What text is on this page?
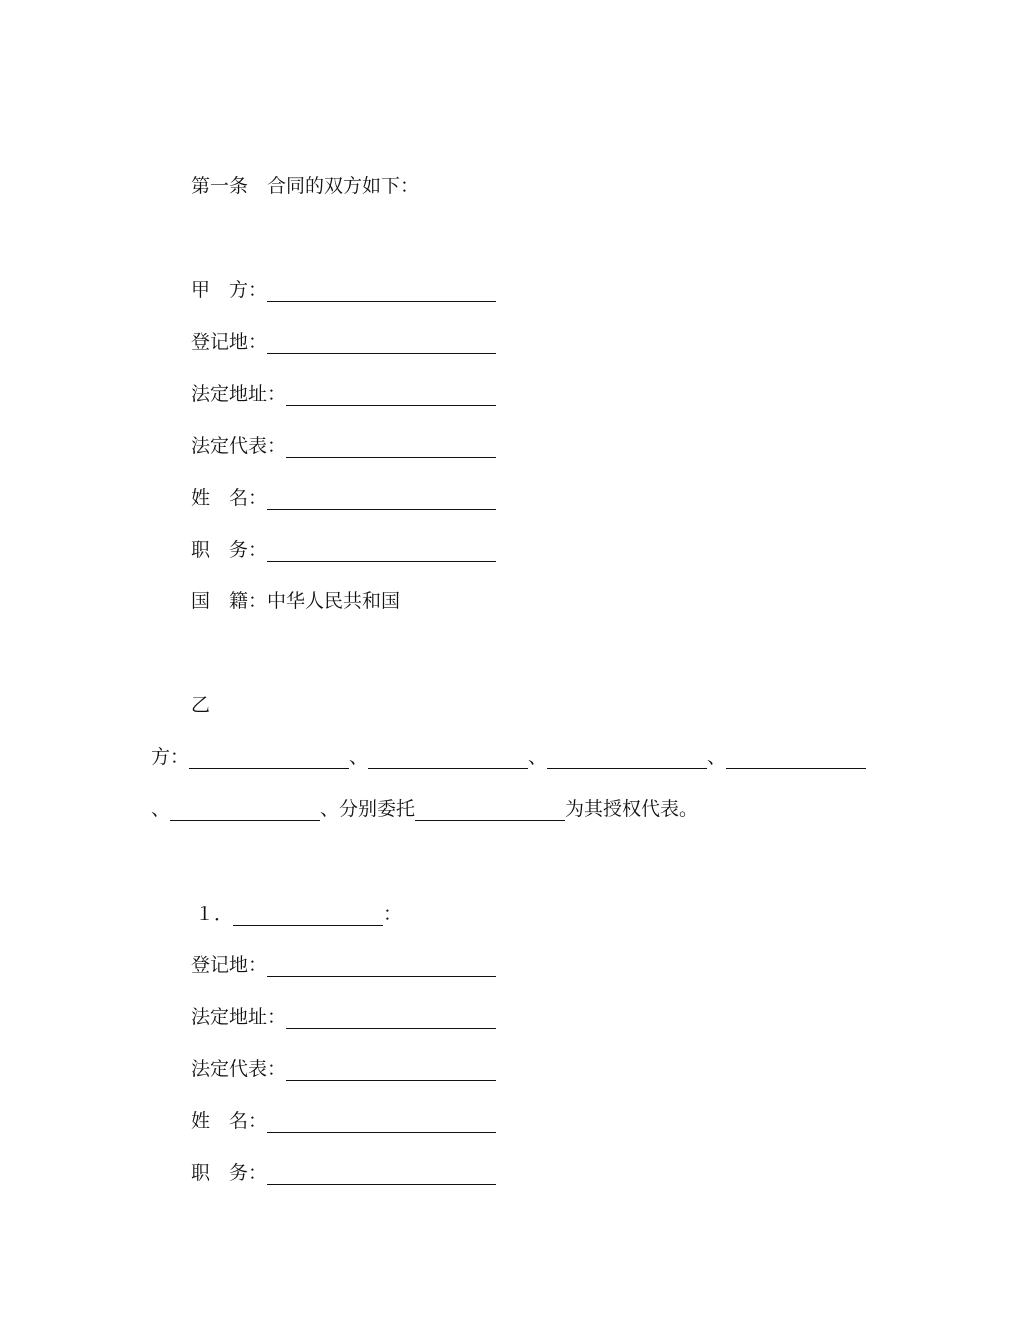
第一条　合同的双方如下：
甲　方：
登记地：
法定地址：
法定代表：
姓　名：
职　务：
国　籍：中华人民共和国
乙
方：	、	、	、
、	、分别委托	为其授权代表。
１．	：
登记地：
法定地址：
法定代表：
姓　名：
职　务：
